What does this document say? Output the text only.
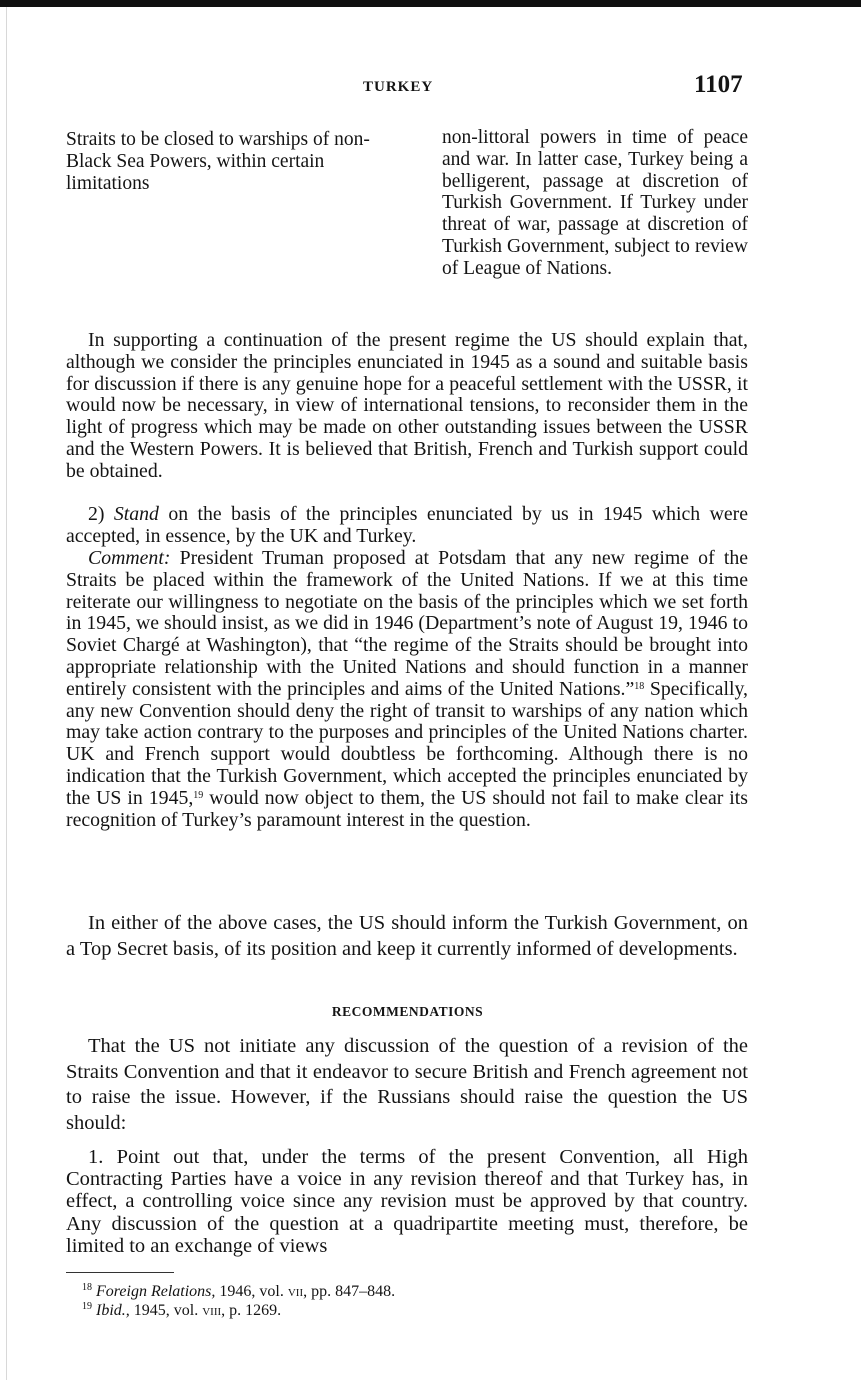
TURKEY	1107
Straits to be closed to warships of non-Black Sea Powers, within certain limitations
non-littoral powers in time of peace and war. In latter case, Turkey being a belligerent, passage at discretion of Turkish Government. If Turkey under threat of war, passage at discretion of Turkish Government, subject to review of League of Nations.
In supporting a continuation of the present regime the US should explain that, although we consider the principles enunciated in 1945 as a sound and suitable basis for discussion if there is any genuine hope for a peaceful settlement with the USSR, it would now be necessary, in view of international tensions, to reconsider them in the light of progress which may be made on other outstanding issues between the USSR and the Western Powers. It is believed that British, French and Turkish support could be obtained.
2) Stand on the basis of the principles enunciated by us in 1945 which were accepted, in essence, by the UK and Turkey.
Comment: President Truman proposed at Potsdam that any new regime of the Straits be placed within the framework of the United Nations. If we at this time reiterate our willingness to negotiate on the basis of the principles which we set forth in 1945, we should insist, as we did in 1946 (Department’s note of August 19, 1946 to Soviet Chargé at Washington), that “the regime of the Straits should be brought into appropriate relationship with the United Nations and should function in a manner entirely consistent with the principles and aims of the United Nations.”$^{18}$ Specifically, any new Convention should deny the right of transit to warships of any nation which may take action contrary to the purposes and principles of the United Nations charter. UK and French support would doubtless be forthcoming. Although there is no indication that the Turkish Government, which accepted the principles enunciated by the US in 1945,19 would now object to them, the US should not fail to make clear its recognition of Turkey’s paramount interest in the question.
In either of the above cases, the US should inform the Turkish Government, on a Top Secret basis, of its position and keep it currently informed of developments.
RECOMMENDATIONS
That the US not initiate any discussion of the question of a revision of the Straits Convention and that it endeavor to secure British and French agreement not to raise the issue. However, if the Russians should raise the question the US should:
1. Point out that, under the terms of the present Convention, all High Contracting Parties have a voice in any revision thereof and that Turkey has, in effect, a controlling voice since any revision must be approved by that country. Any discussion of the question at a quadripartite meeting must, therefore, be limited to an exchange of views
$^{18}$ Foreign Relations, 1946, vol. vii, pp. 847–848.
$^{19}$ Ibid., 1945, vol. viii, p. 1269.
